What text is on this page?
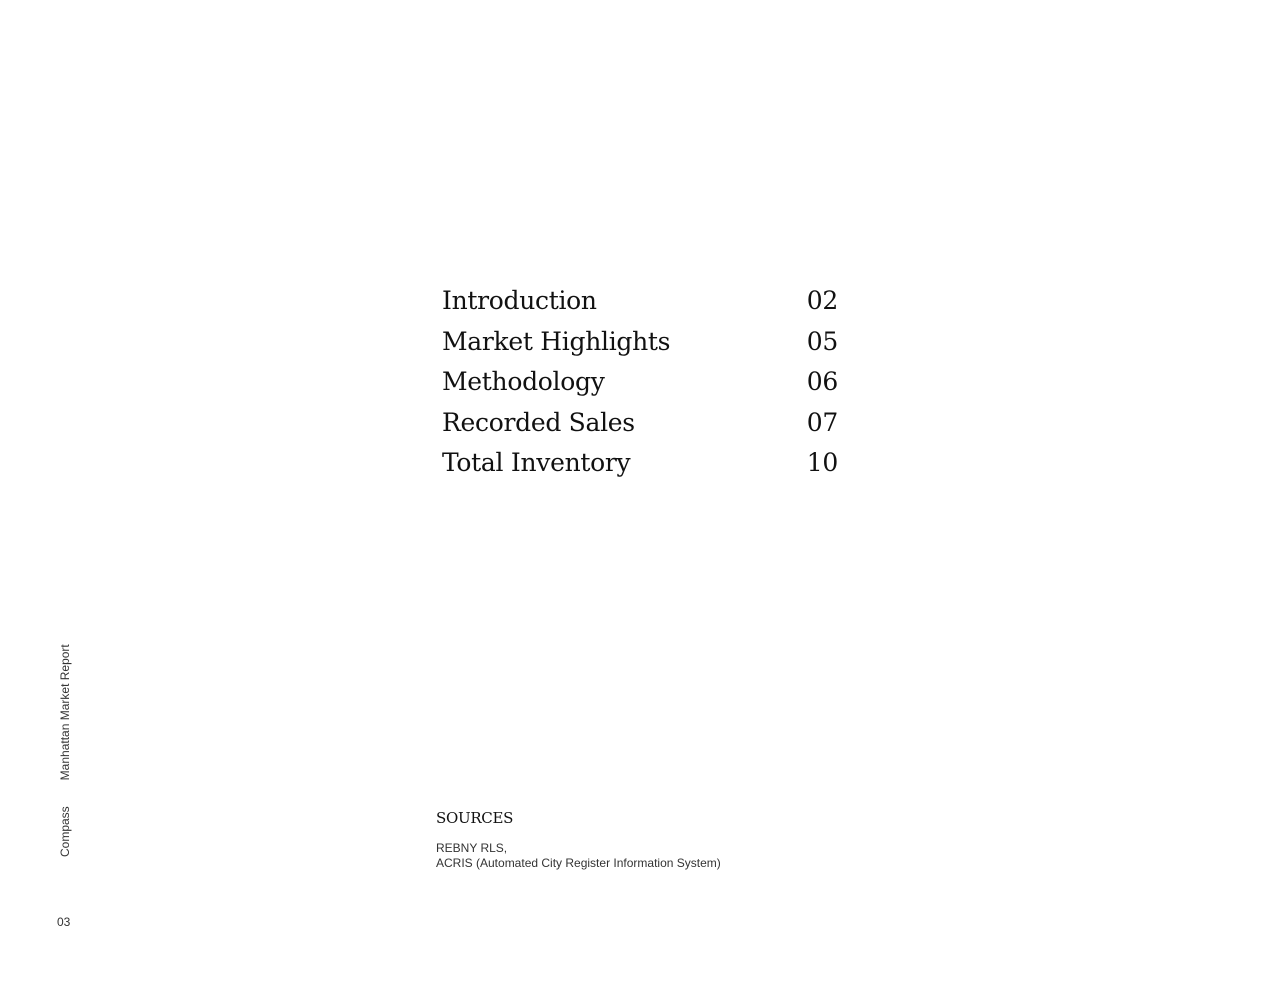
Introduction	02
Market Highlights	05
Methodology	06
Recorded Sales	07
Total Inventory	10
SOURCES
REBNY RLS,
ACRIS (Automated City Register Information System)
CompassManhattan Market Report
03
